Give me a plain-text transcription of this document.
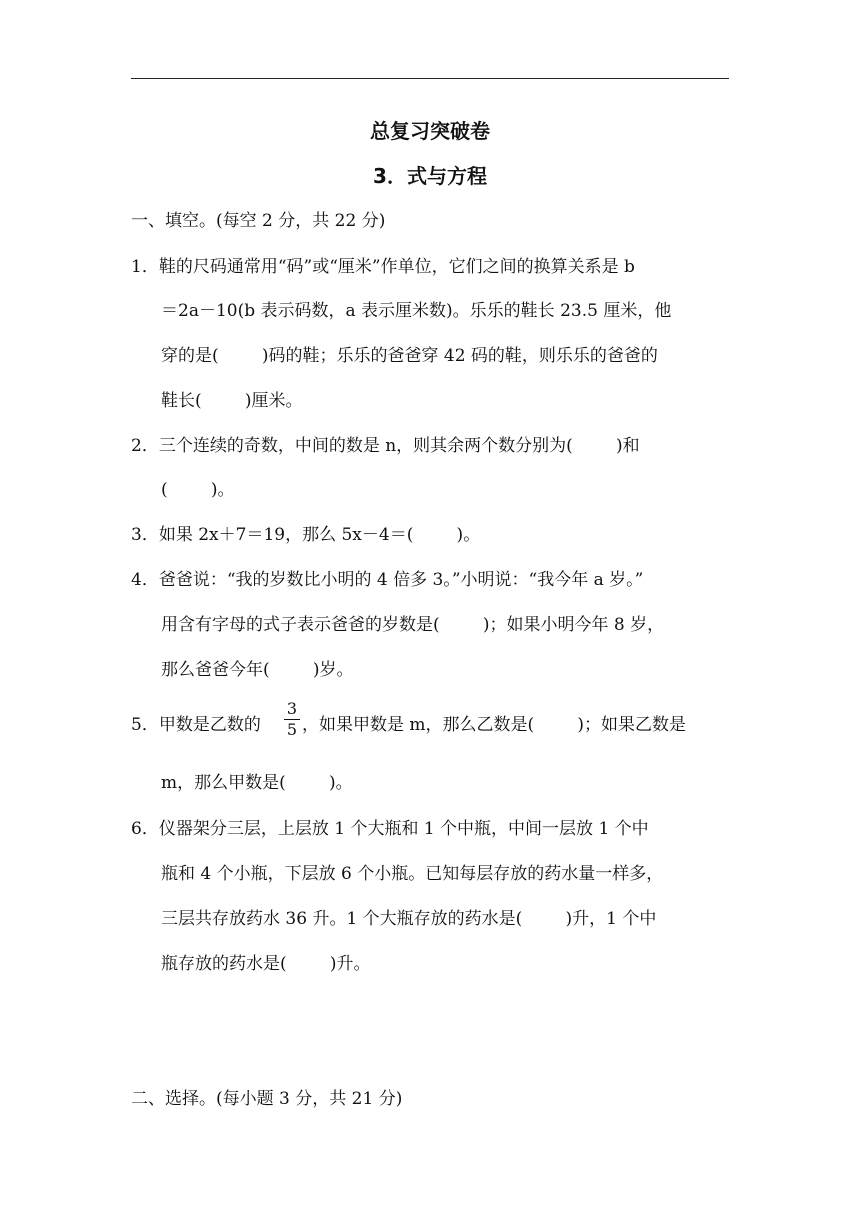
总复习突破卷
3．式与方程
一、填空。(每空 2 分，共 22 分)
1．鞋的尺码通常用“码”或“厘米”作单位，它们之间的换算关系是 b
＝2a－10(b 表示码数，a 表示厘米数)。乐乐的鞋长 23.5 厘米，他
穿的是(        )码的鞋；乐乐的爸爸穿 42 码的鞋，则乐乐的爸爸的
鞋长(        )厘米。
2．三个连续的奇数，中间的数是 n，则其余两个数分别为(        )和
(        )。
3．如果 2x＋7＝19，那么 5x－4＝(        )。
4．爸爸说：“我的岁数比小明的 4 倍多 3。”小明说：“我今年 a 岁。”
用含有字母的式子表示爸爸的岁数是(        )；如果小明今年 8 岁，
那么爸爸今年(        )岁。
5．甲数是乙数的
3
5 ，如果甲数是 m，那么乙数是(        )；如果乙数是
m，那么甲数是(        )。
6．仪器架分三层，上层放 1 个大瓶和 1 个中瓶，中间一层放 1 个中
瓶和 4 个小瓶，下层放 6 个小瓶。已知每层存放的药水量一样多，
三层共存放药水 36 升。1 个大瓶存放的药水是(        )升，1 个中
瓶存放的药水是(        )升。
二、选择。(每小题 3 分，共 21 分)
